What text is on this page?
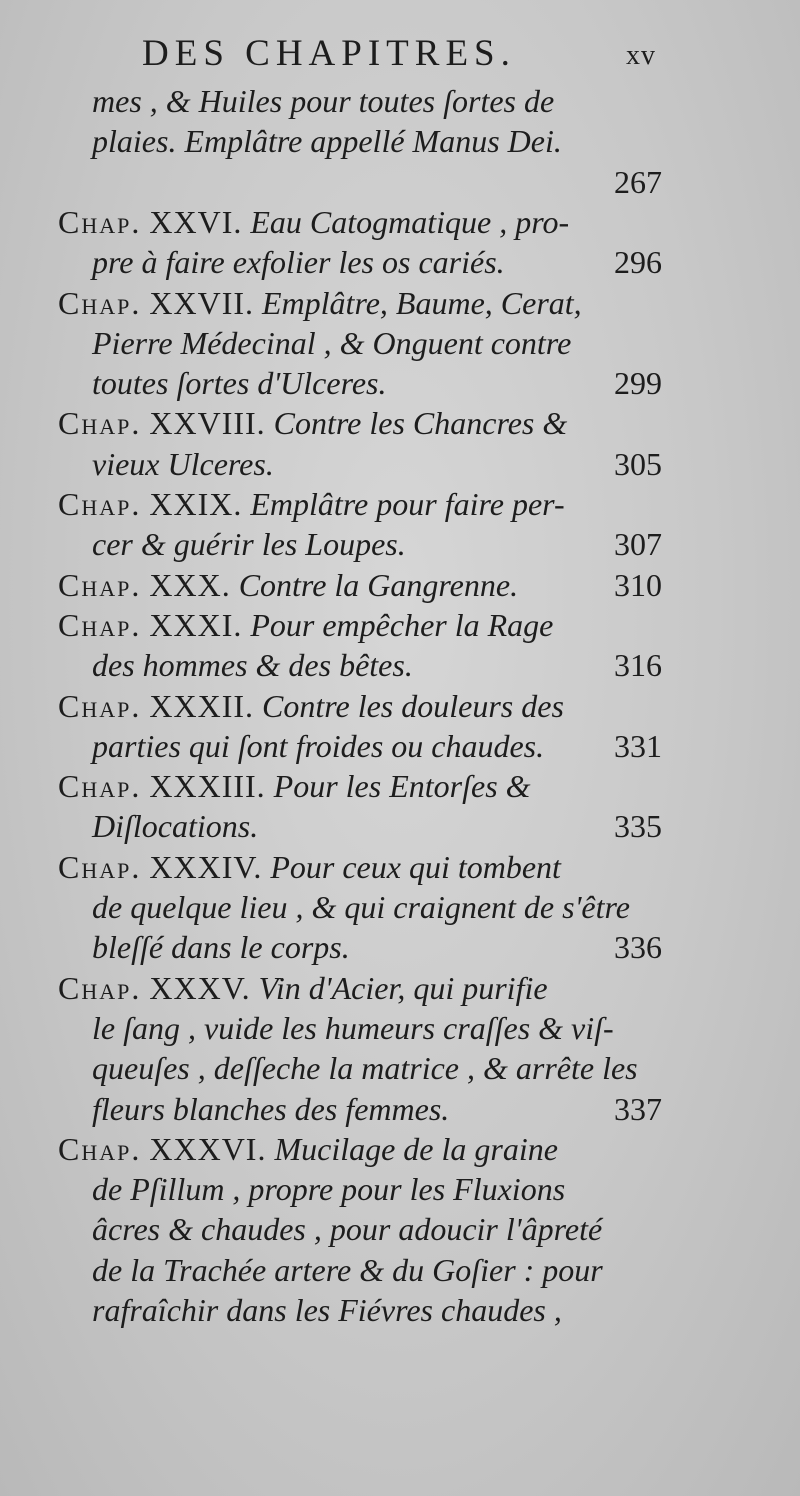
DES CHAPITRES.	xv
mes , & Huiles pour toutes ſortes de
plaies. Emplâtre appellé Manus Dei.
267
Chap. XXVI. Eau Catogmatique , pro-
pre à faire exfolier les os cariés.	296
Chap. XXVII. Emplâtre, Baume, Cerat,
Pierre Médecinal , & Onguent contre
toutes ſortes d'Ulceres.	299
Chap. XXVIII. Contre les Chancres &
vieux Ulceres.	305
Chap. XXIX. Emplâtre pour faire per-
cer & guérir les Loupes.	307
Chap. XXX. Contre la Gangrenne.	310
Chap. XXXI. Pour empêcher la Rage
des hommes & des bêtes.	316
Chap. XXXII. Contre les douleurs des
parties qui ſont froides ou chaudes. 331
Chap. XXXIII. Pour les Entorſes &
Diſlocations.	335
Chap. XXXIV. Pour ceux qui tombent
de quelque lieu , & qui craignent de s'être
bleſſé dans le corps.	336
Chap. XXXV. Vin d'Acier, qui purifie
le ſang , vuide les humeurs craſſes & viſ-
queuſes , deſſeche la matrice , & arrête les
fleurs blanches des femmes.	337
Chap. XXXVI. Mucilage de la graine
de Pſillum , propre pour les Fluxions
âcres & chaudes , pour adoucir l'âpreté
de la Trachée artere & du Goſier : pour
rafraîchir dans les Fiévres chaudes ,
